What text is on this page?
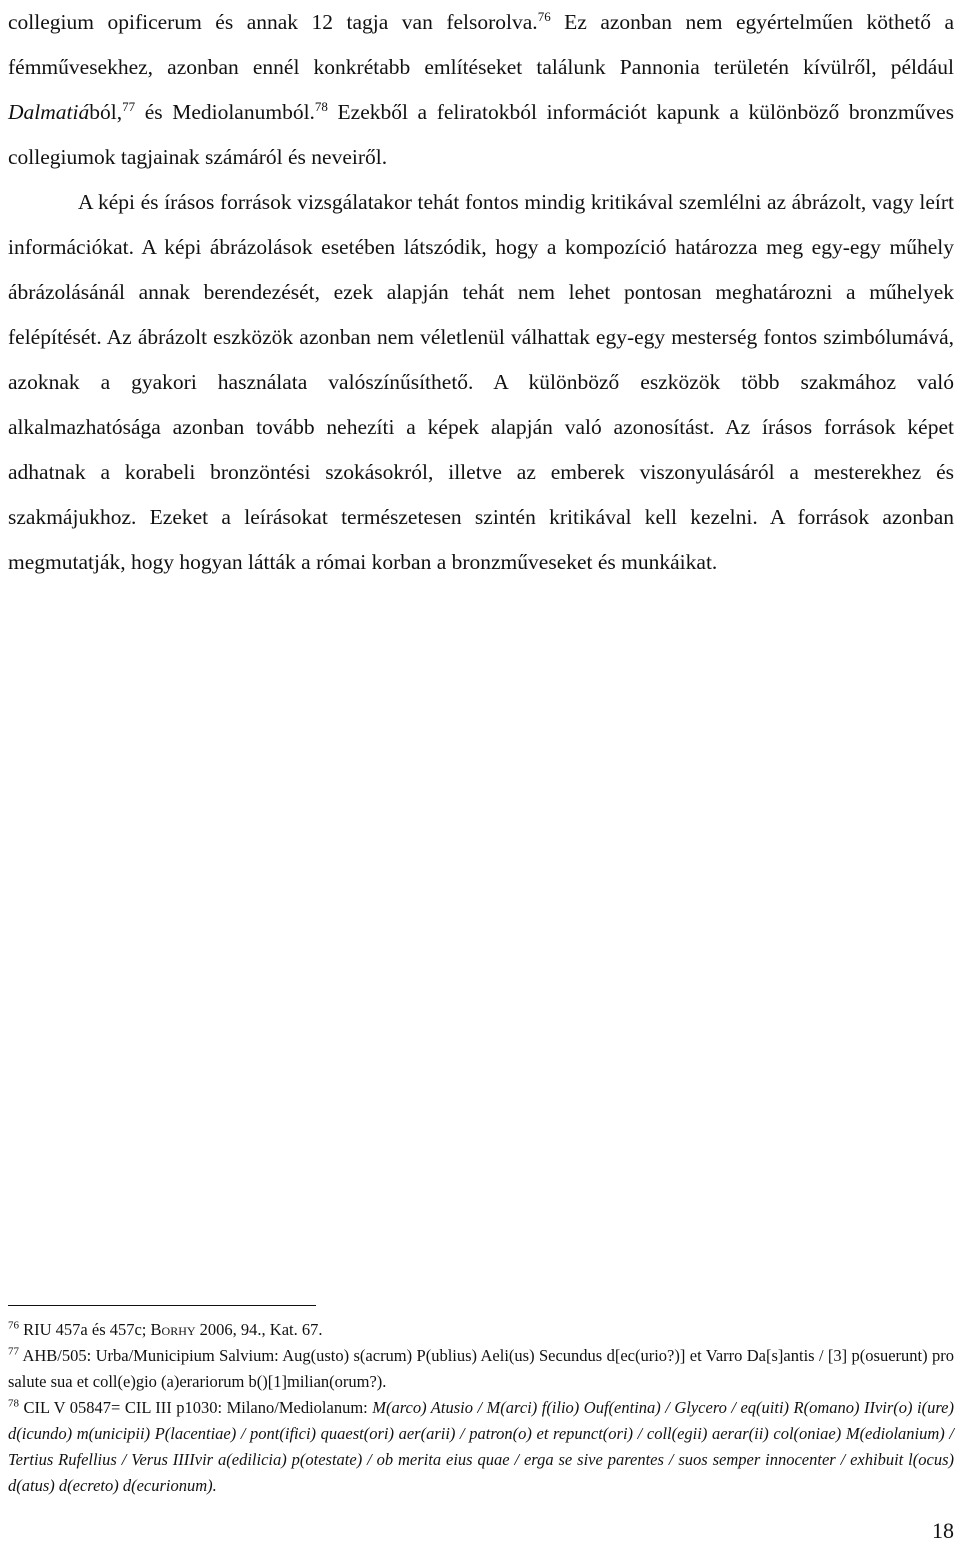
collegium opificerum és annak 12 tagja van felsorolva.$^{76}$ Ez azonban nem egyértelműen köthető a fémművesekhez, azonban ennél konkrétabb említéseket találunk Pannonia területén kívülről, például Dalmatiából,$^{77}$ és Mediolanumból.$^{78}$ Ezekből a feliratokból információt kapunk a különböző bronzműves collegiumok tagjainak számáról és neveiről.

A képi és írásos források vizsgálatakor tehát fontos mindig kritikával szemlélni az ábrázolt, vagy leírt információkat. A képi ábrázolások esetében látszódik, hogy a kompozíció határozza meg egy-egy műhely ábrázolásánál annak berendezését, ezek alapján tehát nem lehet pontosan meghatározni a műhelyek felépítését. Az ábrázolt eszközök azonban nem véletlenül válhattak egy-egy mesterség fontos szimbólumává, azoknak a gyakori használata valószínűsíthető. A különböző eszközök több szakmához való alkalmazhatósága azonban tovább nehezíti a képek alapján való azonosítást. Az írásos források képet adhatnak a korabeli bronzöntési szokásokról, illetve az emberek viszonyulásáról a mesterekhez és szakmájukhoz. Ezeket a leírásokat természetesen szintén kritikával kell kezelni. A források azonban megmutatják, hogy hogyan látták a római korban a bronzműveseket és munkáikat.

$^{76}$ RIU 457a és 457c; Borhy 2006, 94., Kat. 67.

$^{77}$ AHB/505: Urba/Municipium Salvium: Aug(usto) s(acrum) P(ublius) Aeli(us) Secundus d[ec(urio?)] et Varro Da[s]antis / [3] p(osuerunt) pro salute sua et coll(e)gio (a)erariorum b()[1]milian(orum?).

$^{78}$ CIL V 05847= CIL III p1030: Milano/Mediolanum: M(arco) Atusio / M(arci) f(ilio) Ouf(entina) / Glycero / eq(uiti) R(omano) IIvir(o) i(ure) d(icundo) m(unicipii) P(lacentiae) / pont(ifici) quaest(ori) aer(arii) / patron(o) et repunct(ori) / coll(egii) aerar(ii) col(oniae) M(ediolanium) / Tertius Rufellius / Verus IIIIvir a(edilicia) p(otestate) / ob merita eius quae / erga se sive parentes / suos semper innocenter / exhibuit l(ocus) d(atus) d(ecreto) d(ecurionum).

18
